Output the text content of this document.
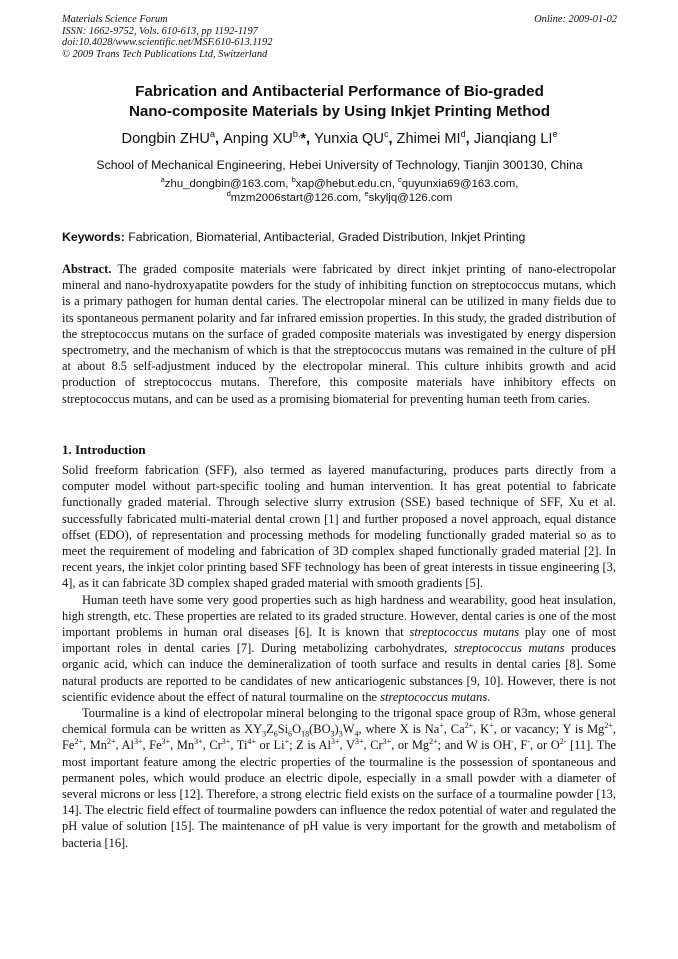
Materials Science Forum
ISSN: 1662-9752, Vols. 610-613, pp 1192-1197
doi:10.4028/www.scientific.net/MSF.610-613.1192
© 2009 Trans Tech Publications Ltd, Switzerland
Online: 2009-01-02
Fabrication and Antibacterial Performance of Bio-graded
Nano-composite Materials by Using Inkjet Printing Method
Dongbin ZHU$^a$, Anping $XU^{b,}*$, Yunxia $QU^c$, Zhimei $MI^d$, Jianqiang LIe
School of Mechanical Engineering, Hebei University of Technology, Tianjin 300130, China
$^a$zhu_dongbin@163.com, $^b$xap@hebut.edu.cn, $^c$quyunxia69@163.com,
$^d$mzm2006start@126.com, $^e$skyljq@126.com
Keywords: Fabrication, Biomaterial, Antibacterial, Graded Distribution, Inkjet Printing
Abstract. The graded composite materials were fabricated by direct inkjet printing of nano-electropolar mineral and nano-hydroxyapatite powders for the study of inhibiting function on streptococcus mutans, which is a primary pathogen for human dental caries. The electropolar mineral can be utilized in many fields due to its spontaneous permanent polarity and far infrared emission properties. In this study, the graded distribution of the streptococcus mutans on the surface of graded composite materials was investigated by energy dispersion spectrometry, and the mechanism of which is that the streptococcus mutans was remained in the culture of pH at about 8.5 self-adjustment induced by the electropolar mineral. This culture inhibits growth and acid production of streptococcus mutans. Therefore, this composite materials have inhibitory effects on streptococcus mutans, and can be used as a promising biomaterial for preventing human teeth from caries.
1. Introduction

Solid freeform fabrication (SFF), also termed as layered manufacturing, produces parts directly from a computer model without part-specific tooling and human intervention. It has great potential to fabricate functionally graded material. Through selective slurry extrusion (SSE) based technique of SFF, Xu et al. successfully fabricated multi-material dental crown [1] and further proposed a novel approach, equal distance offset (EDO), of representation and processing methods for modeling functionally graded material so as to meet the requirement of modeling and fabrication of 3D complex shaped functionally graded material [2]. In recent years, the inkjet color printing based SFF technology has been of great interests in tissue engineering [3, 4], as it can fabricate 3D complex shaped graded material with smooth gradients [5].

Human teeth have some very good properties such as high hardness and wearability, good heat insulation, high strength, etc. These properties are related to its graded structure. However, dental caries is one of the most important problems in human oral diseases [6]. It is known that streptococcus mutans play one of most important roles in dental caries [7]. During metabolizing carbohydrates, streptococcus mutans produces organic acid, which can induce the demineralization of tooth surface and results in dental caries [8]. Some natural products are reported to be candidates of new anticariogenic substances [9, 10]. However, there is not scientific evidence about the effect of natural tourmaline on the streptococcus mutans.

Tourmaline is a kind of electropolar mineral belonging to the trigonal space group of R3m, whose general chemical formula can be written as $XY_3Z_6Si_6O_{18}(BO_3)_3W_4$, where X is Na+, $Ca^{2+}$, K+, or vacancy; Y is $Mg^{2+}$, $Fe^{2+}$, $Mn^{2+}$, $Al^{3+}$, $Fe^{3+}$, $Mn^{3+}$, $Cr^{3+}$, $Ti^{4+}$ or Li+; Z is $Al^{3+}$, $V^{3+}$, $Cr^{3+}$, or $Mg^{2+}$; and W is OH-, F-, or $O^{2-}$ [11]. The most important feature among the electric properties of the tourmaline is the possession of spontaneous and permanent poles, which would produce an electric dipole, especially in a small powder with a diameter of several microns or less [12]. Therefore, a strong electric field exists on the surface of a tourmaline powder [13, 14]. The electric field effect of tourmaline powders can influence the redox potential of water and regulated the pH value of solution [15]. The maintenance of pH value is very important for the growth and metabolism of bacteria [16].
